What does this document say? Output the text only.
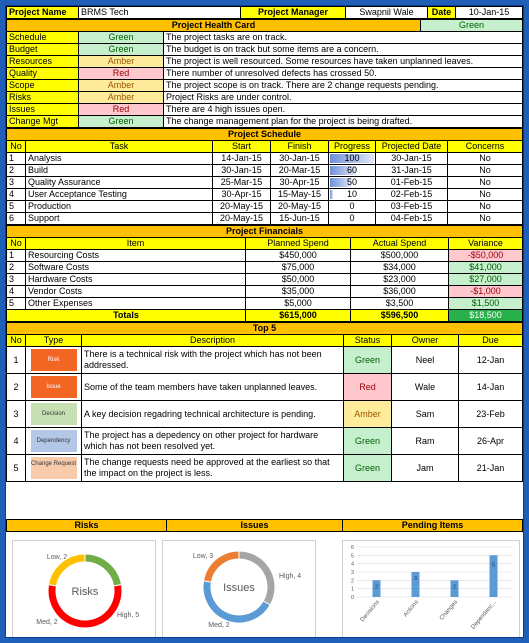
Project Name	BRMS Tech	Project Manager	Swapnil Wale	Date	10-Jan-15
Project Health Card			Green
Schedule	Green	The project tasks are on track.	
Budget	Green	The budget is on track but some items are a concern.	
Resources	Amber	The project is well resourced. Some resources have taken unplanned leaves.	
Quality	Red	There number of unresolved defects has crossed 50.	
Scope	Amber	The project scope is on track. There are 2 change requests pending.	
Risks	Amber	Project Risks are under control.	
Issues	Red	There are 4 high issues open.	
Change Mgt	Green	The change management plan for the project is being drafted.	
Project Schedule						
No	Task	Start	Finish	Progress	Projected Date	Concerns
1	Analysis	14-Jan-15	30-Jan-15	100	30-Jan-15	No
2	Build	30-Jan-15	20-Mar-15	60	31-Jan-15	No
3	Quality Assurance	25-Mar-15	30-Apr-15	50	01-Feb-15	No
4	User Acceptance Testing	30-Apr-15	15-May-15	10	02-Feb-15	No
5	Production	20-May-15	20-May-15	0	03-Feb-15	No
6	Support	20-May-15	15-Jun-15	0	04-Feb-15	No
Project Financials				
No	Item	Planned Spend	Actual Spend	Variance
1	Resourcing Costs	$450,000	$500,000	-$50,000
2	Software Costs	$75,000	$34,000	$41,000
3	Hardware Costs	$50,000	$23,000	$27,000
4	Vendor Costs	$35,000	$36,000	-$1,000
5	Other Expenses	$5,000	$3,500	$1,500
Totals		$615,000	$596,500	$18,500
Top 5					
No	Type	Description	Status	Owner	Due
1	Risk	There is a technical risk with the project which has not been addressed.	Green	Neel	12-Jan
2	Issue	Some of the team members have taken unplanned leaves.	Red	Wale	14-Jan
3	Decision	A key decision regadring technical architecture is pending.	Amber	Sam	23-Feb
4	Dependency	The project has a depedency on other project for hardware which has not been resolved yet.	Green	Ram	26-Apr
5	Change Request	The change requests need be approved at the earliest so that the impact on the project is less.	Green	Jam	21-Jan
Risks	Issues	Pending Items
Low, 2
High, 5
Med, 2
Risks
Low, 3
High, 4
Med, 2
Issues
0
1
2
3
4
5
6
2
Decisions
3
Actions
2
Changes
5
Dependanc...
